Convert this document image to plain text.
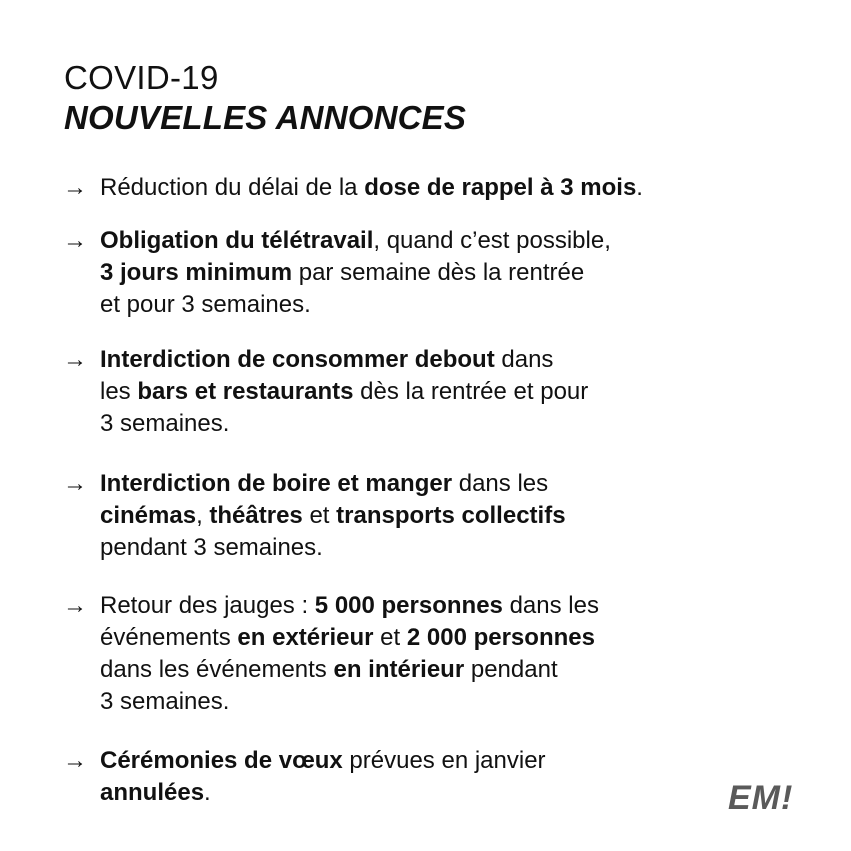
COVID-19
NOUVELLES ANNONCES
→ Réduction du délai de la dose de rappel à 3 mois.
→ Obligation du télétravail, quand c’est possible,
3 jours minimum par semaine dès la rentrée
et pour 3 semaines.
→ Interdiction de consommer debout dans
les bars et restaurants dès la rentrée et pour
3 semaines.
→ Interdiction de boire et manger dans les
cinémas, théâtres et transports collectifs
pendant 3 semaines.
→ Retour des jauges : 5 000 personnes dans les
événements en extérieur et 2 000 personnes
dans les événements en intérieur pendant
3 semaines.
→ Cérémonies de vœux prévues en janvier
annulées.	EM!
